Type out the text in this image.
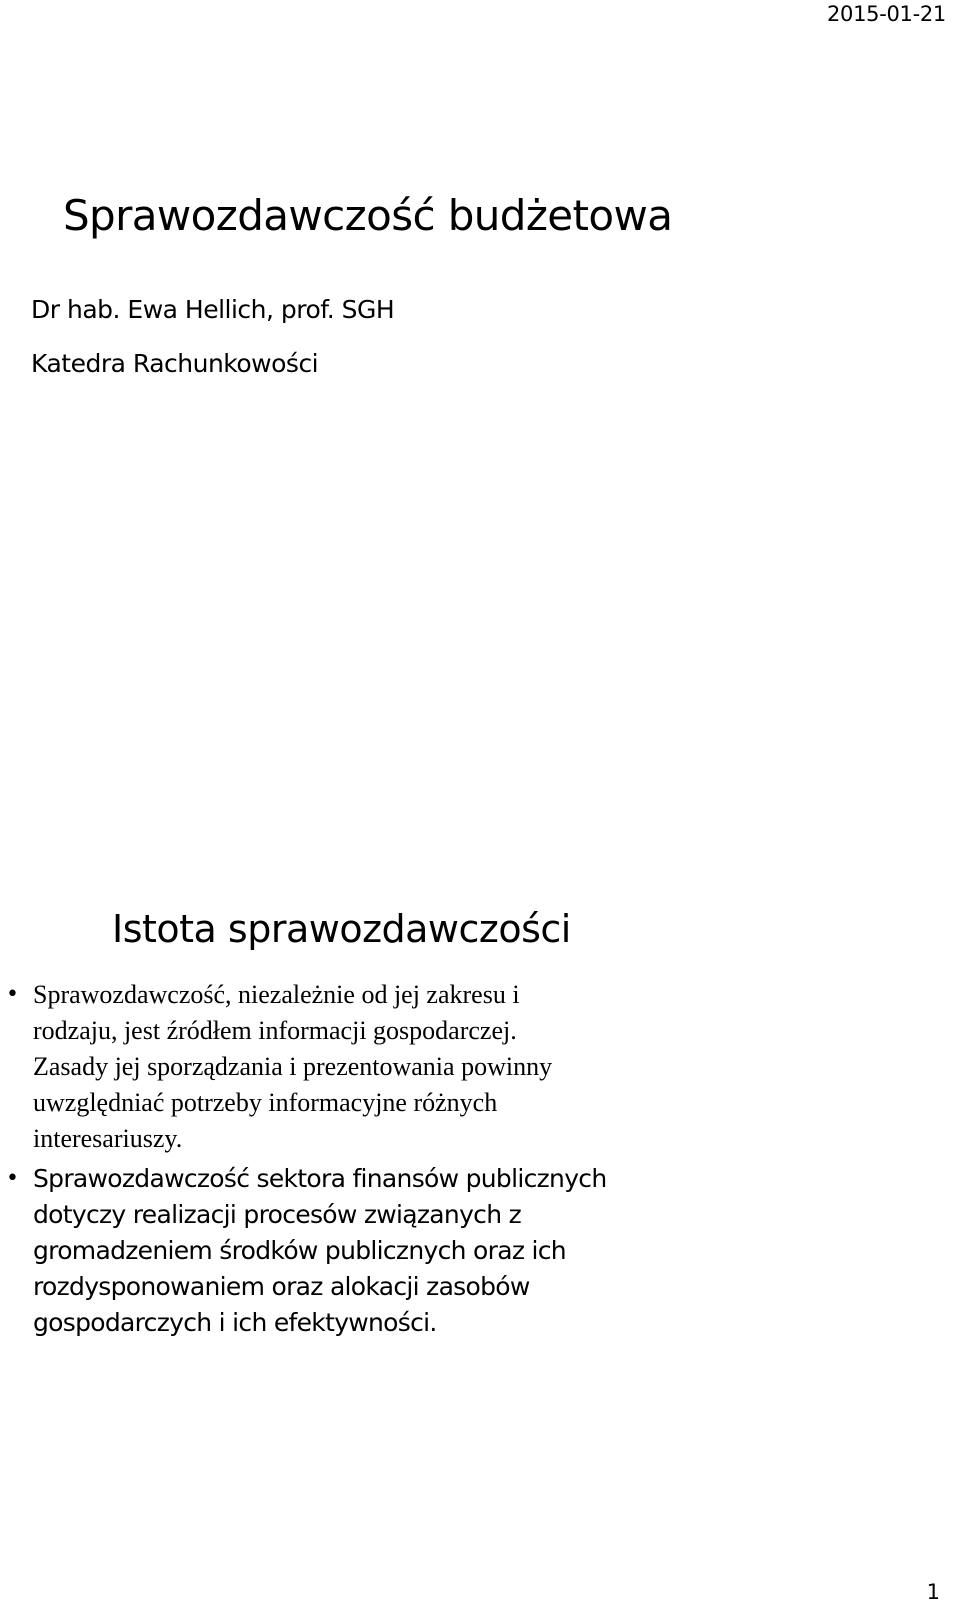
2015-01-21
Sprawozdawczość budżetowa
Dr hab. Ewa Hellich, prof. SGH
Katedra Rachunkowości
Istota sprawozdawczości
• Sprawozdawczość, niezależnie od jej zakresu i
rodzaju, jest źródłem informacji gospodarczej.
Zasady jej sporządzania i prezentowania powinny
uwzględniać potrzeby informacyjne różnych
interesariuszy.
• Sprawozdawczość sektora finansów publicznych
dotyczy realizacji procesów związanych z
gromadzeniem środków publicznych oraz ich
rozdysponowaniem oraz alokacji zasobów
gospodarczych i ich efektywności.
1
